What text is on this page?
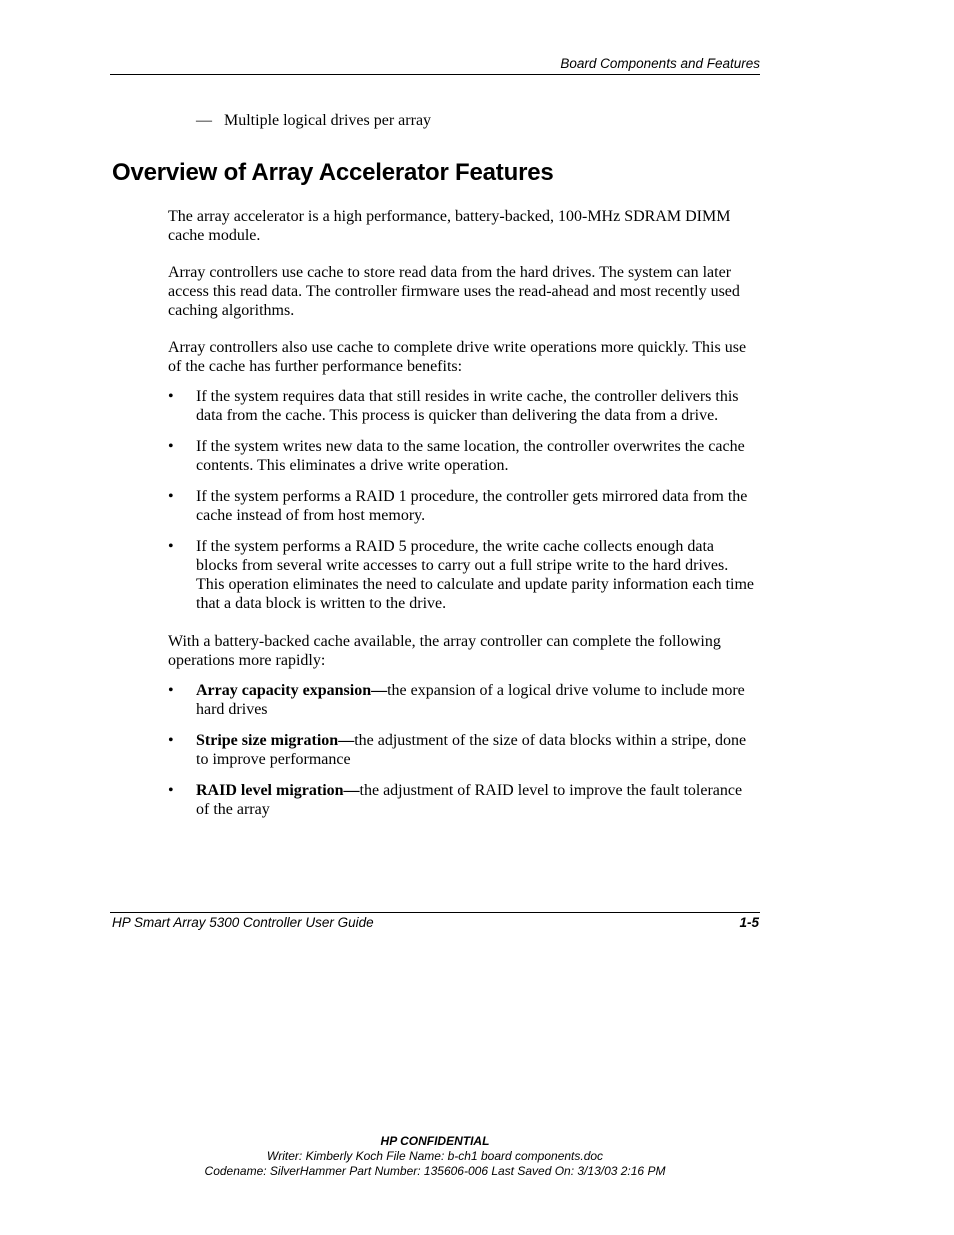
Board Components and Features
— Multiple logical drives per array
Overview of Array Accelerator Features

The array accelerator is a high performance, battery-backed, 100-MHz SDRAM DIMM cache module.

Array controllers use cache to store read data from the hard drives. The system can later access this read data. The controller firmware uses the read-ahead and most recently used caching algorithms.

Array controllers also use cache to complete drive write operations more quickly. This use of the cache has further performance benefits:

• If the system requires data that still resides in write cache, the controller delivers this data from the cache. This process is quicker than delivering the data from a drive.
• If the system writes new data to the same location, the controller overwrites the cache contents. This eliminates a drive write operation.
• If the system performs a RAID 1 procedure, the controller gets mirrored data from the cache instead of from host memory.
• If the system performs a RAID 5 procedure, the write cache collects enough data blocks from several write accesses to carry out a full stripe write to the hard drives. This operation eliminates the need to calculate and update parity information each time that a data block is written to the drive.

With a battery-backed cache available, the array controller can complete the following operations more rapidly:

• Array capacity expansion—the expansion of a logical drive volume to include more hard drives
• Stripe size migration—the adjustment of the size of data blocks within a stripe, done to improve performance
• RAID level migration—the adjustment of RAID level to improve the fault tolerance of the array
HP Smart Array 5300 Controller User Guide	1-5
HP CONFIDENTIAL
Writer: Kimberly Koch File Name: b-ch1 board components.doc
Codename: SilverHammer Part Number: 135606-006 Last Saved On: 3/13/03 2:16 PM
